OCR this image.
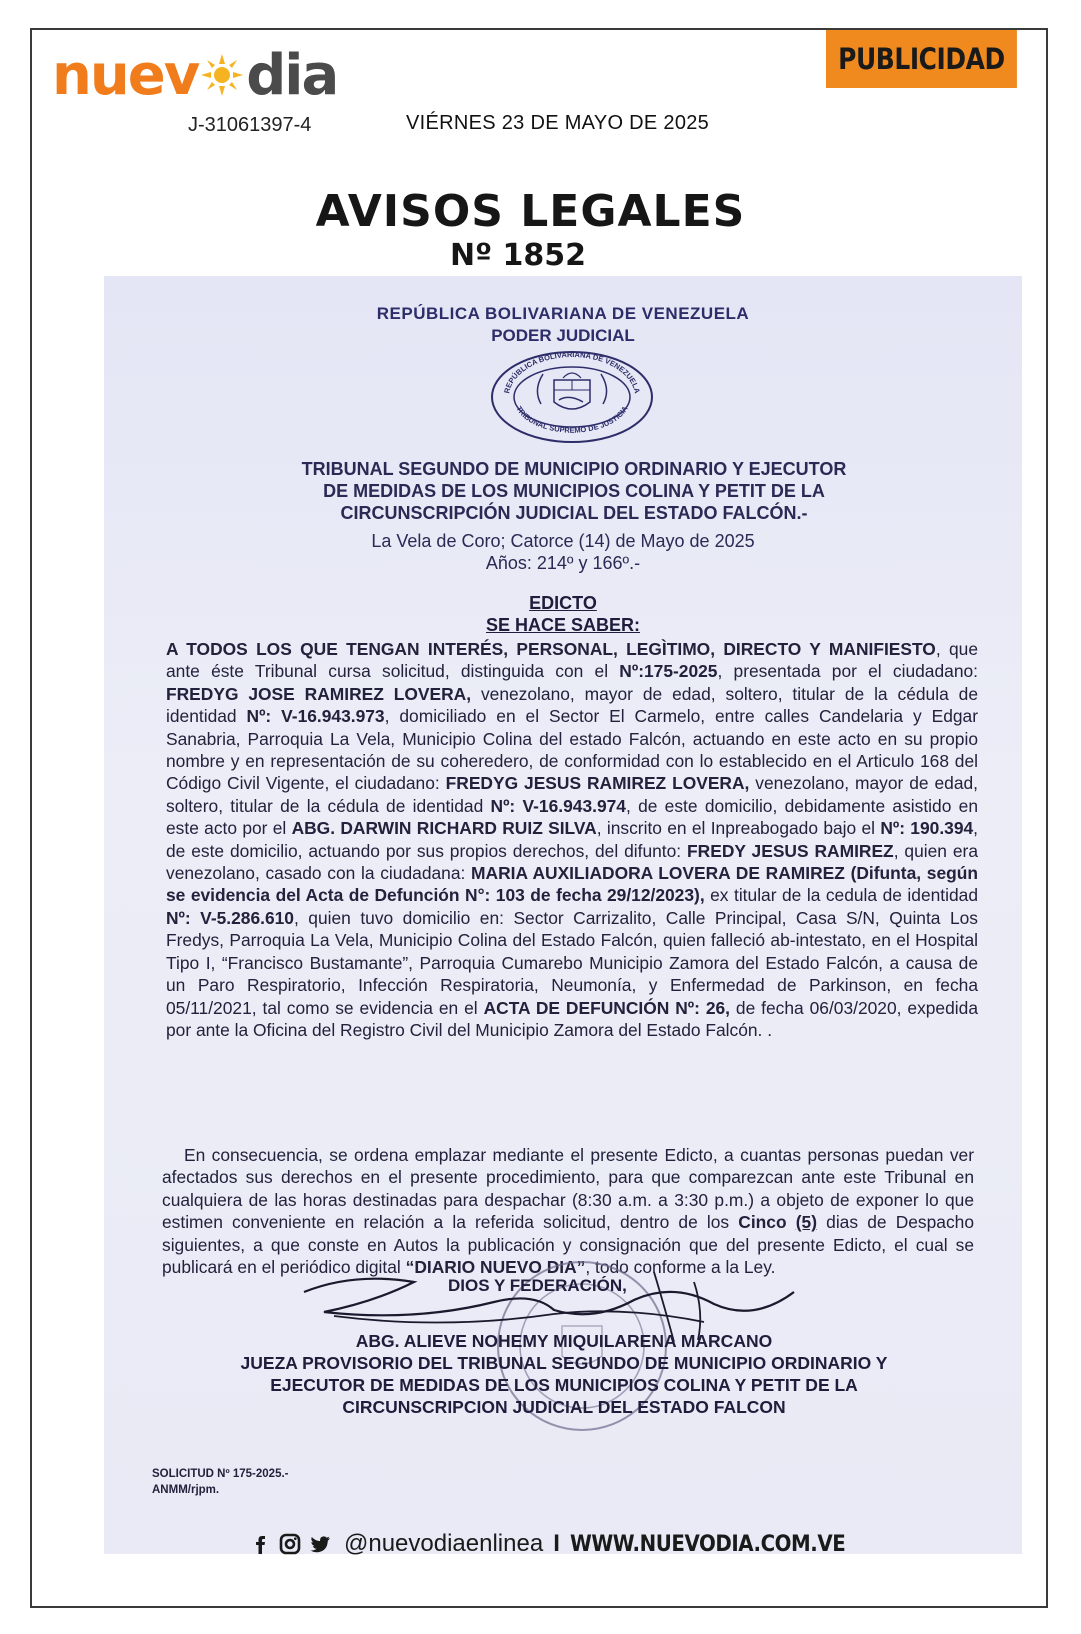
nuev dia
J-31061397-4	VIÉRNES 23 DE MAYO DE 2025
PUBLICIDAD
AVISOS LEGALES
Nº 1852
REPÚBLICA BOLIVARIANA DE VENEZUELA
PODER JUDICIAL
REPÚBLICA BOLIVARIANA DE VENEZUELA
TRIBUNAL SUPREMO DE JUSTICIA
TRIBUNAL SEGUNDO DE MUNICIPIO ORDINARIO Y EJECUTOR
DE MEDIDAS DE LOS MUNICIPIOS COLINA Y PETIT DE LA
CIRCUNSCRIPCIÓN JUDICIAL DEL ESTADO FALCÓN.-
La Vela de Coro; Catorce (14) de Mayo de 2025
Años: 214º y 166º.-
EDICTO
SE HACE SABER:
A TODOS LOS QUE TENGAN INTERÉS, PERSONAL, LEGÌTIMO, DIRECTO Y MANIFIESTO, que ante éste Tribunal cursa solicitud, distinguida con el Nº:175-2025, presentada por el ciudadano: FREDYG JOSE RAMIREZ LOVERA, venezolano, mayor de edad, soltero, titular de la cédula de identidad Nº: V-16.943.973, domiciliado en el Sector El Carmelo, entre calles Candelaria y Edgar Sanabria, Parroquia La Vela, Municipio Colina del estado Falcón, actuando en este acto en su propio nombre y en representación de su coheredero, de conformidad con lo establecido en el Articulo 168 del Código Civil Vigente, el ciudadano: FREDYG JESUS RAMIREZ LOVERA, venezolano, mayor de edad, soltero, titular de la cédula de identidad Nº: V-16.943.974, de este domicilio, debidamente asistido en este acto por el ABG. DARWIN RICHARD RUIZ SILVA, inscrito en el Inpreabogado bajo el Nº: 190.394, de este domicilio, actuando por sus propios derechos, del difunto: FREDY JESUS RAMIREZ, quien era venezolano, casado con la ciudadana: MARIA AUXILIADORA LOVERA DE RAMIREZ (Difunta, según se evidencia del Acta de Defunción N°: 103 de fecha 29/12/2023), ex titular de la cedula de identidad Nº: V-5.286.610, quien tuvo domicilio en: Sector Carrizalito, Calle Principal, Casa S/N, Quinta Los Fredys, Parroquia La Vela, Municipio Colina del Estado Falcón, quien falleció ab-intestato, en el Hospital Tipo I, “Francisco Bustamante”, Parroquia Cumarebo Municipio Zamora del Estado Falcón, a causa de un Paro Respiratorio, Infección Respiratoria, Neumonía, y Enfermedad de Parkinson, en fecha 05/11/2021, tal como se evidencia en el ACTA DE DEFUNCIÓN Nº: 26, de fecha 06/03/2020, expedida por ante la Oficina del Registro Civil del Municipio Zamora del Estado Falcón. .
En consecuencia, se ordena emplazar mediante el presente Edicto, a cuantas personas puedan ver afectados sus derechos en el presente procedimiento, para que comparezcan ante este Tribunal en cualquiera de las horas destinadas para despachar (8:30 a.m. a 3:30 p.m.) a objeto de exponer lo que estimen conveniente en relación a la referida solicitud, dentro de los Cinco (5) dias de Despacho siguientes, a que conste en Autos la publicación y consignación que del presente Edicto, el cual se publicará en el periódico digital “DIARIO NUEVO DIA”, todo conforme a la Ley.
DIOS Y FEDERACIÓN,
ABG. ALIEVE NOHEMY MIQUILARENA MARCANO
JUEZA PROVISORIO DEL TRIBUNAL SEGUNDO DE MUNICIPIO ORDINARIO Y
EJECUTOR DE MEDIDAS DE LOS MUNICIPIOS COLINA Y PETIT DE LA
CIRCUNSCRIPCION JUDICIAL DEL ESTADO FALCON
SOLICITUD Nº 175-2025.-
ANMM/rjpm.
@nuevodiaenlinea I WWW.NUEVODIA.COM.VE
